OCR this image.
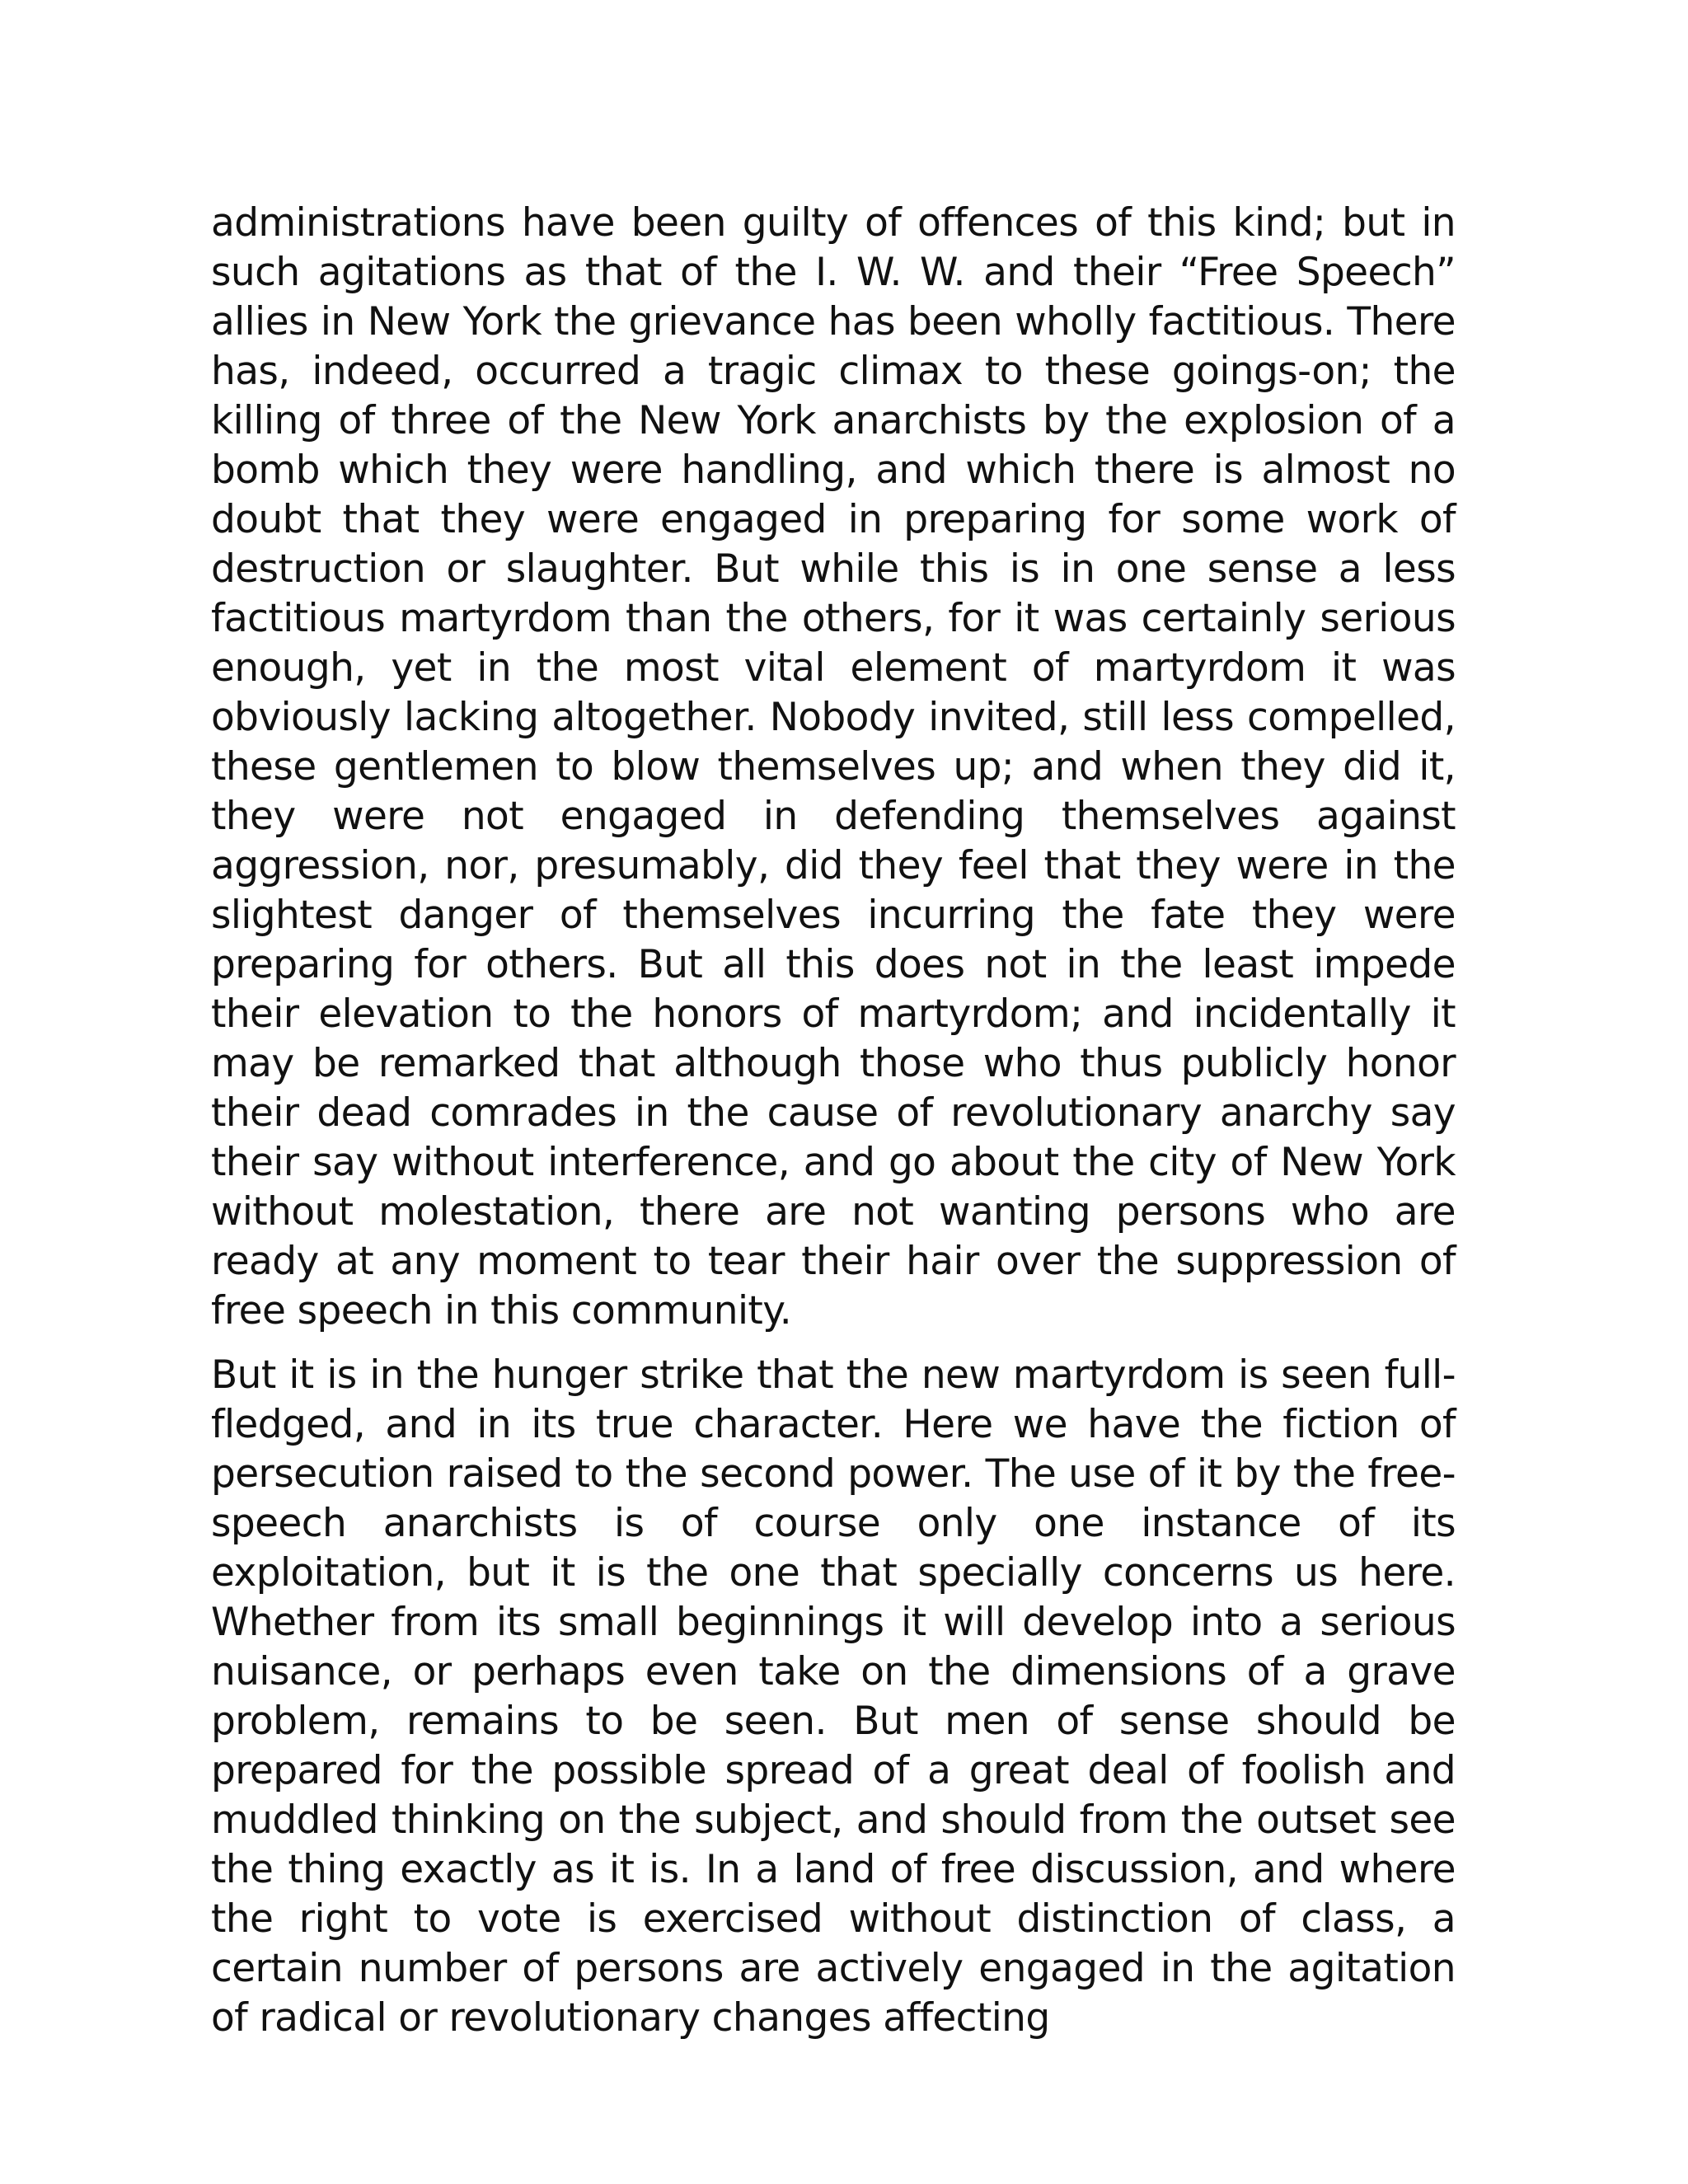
administrations have been guilty of offences of this kind; but in such agitations as that of the I. W. W. and their “Free Speech” allies in New York the grievance has been wholly factitious. There has, indeed, occurred a tragic climax to these goings-on; the killing of three of the New York anarchists by the explosion of a bomb which they were handling, and which there is almost no doubt that they were engaged in preparing for some work of destruction or slaughter. But while this is in one sense a less factitious martyrdom than the others, for it was certainly serious enough, yet in the most vital element of martyrdom it was obviously lacking altogether. Nobody invited, still less compelled, these gentlemen to blow themselves up; and when they did it, they were not engaged in defending themselves against aggression, nor, presumably, did they feel that they were in the slightest danger of themselves incurring the fate they were preparing for others. But all this does not in the least impede their elevation to the honors of martyrdom; and incidentally it may be remarked that although those who thus publicly honor their dead comrades in the cause of revolutionary anarchy say their say without interference, and go about the city of New York without molestation, there are not wanting persons who are ready at any moment to tear their hair over the suppression of free speech in this community.

But it is in the hunger strike that the new martyrdom is seen full-fledged, and in its true character. Here we have the fiction of persecution raised to the second power. The use of it by the free-speech anarchists is of course only one instance of its exploitation, but it is the one that specially concerns us here. Whether from its small beginnings it will develop into a serious nuisance, or perhaps even take on the dimensions of a grave problem, remains to be seen. But men of sense should be prepared for the possible spread of a great deal of foolish and muddled thinking on the subject, and should from the outset see the thing exactly as it is. In a land of free discussion, and where the right to vote is exercised without distinction of class, a certain number of persons are actively engaged in the agitation of radical or revolutionary changes affecting
